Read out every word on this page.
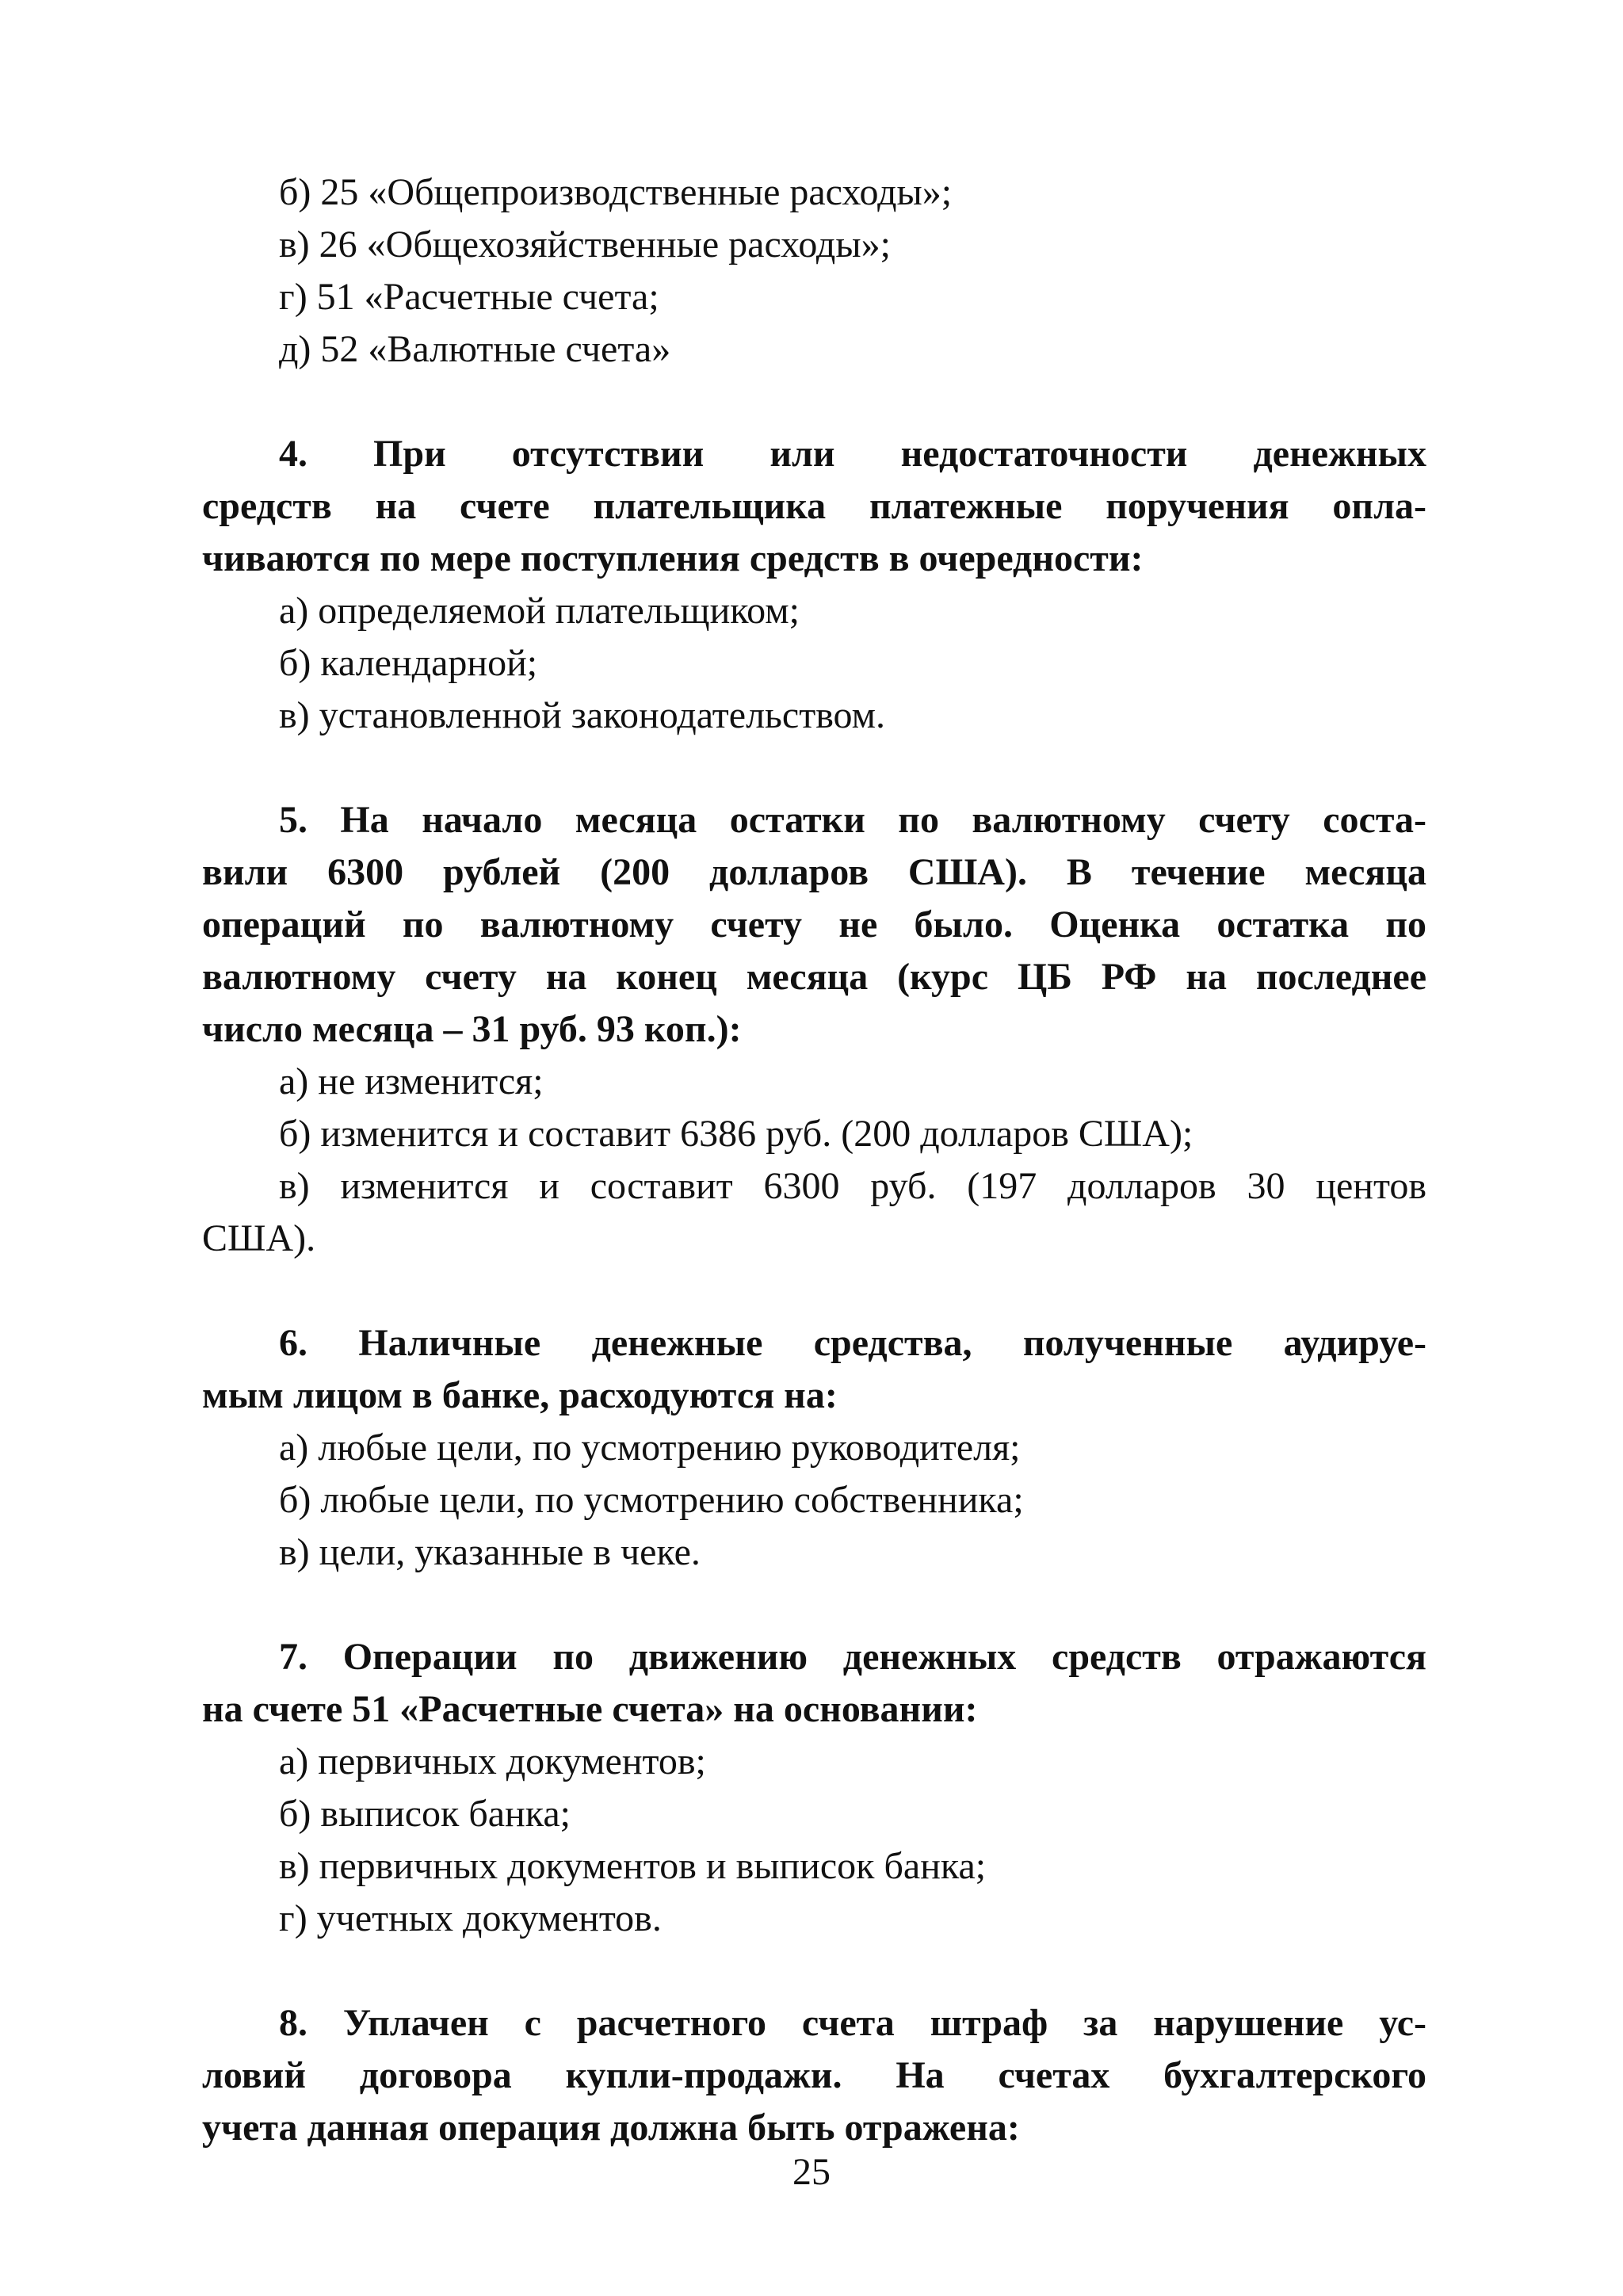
б) 25 «Общепроизводственные расходы»;

в) 26 «Общехозяйственные расходы»;

г) 51 «Расчетные счета;

д) 52 «Валютные счета»

4. При отсутствии или недостаточности денежных

средств на счете плательщика платежные поручения опла-

чиваются по мере поступления средств в очередности:

а) определяемой плательщиком;

б) календарной;

в) установленной законодательством.

5. На начало месяца остатки по валютному счету соста-

вили 6300 рублей (200 долларов США). В течение месяца

операций по валютному счету не было. Оценка остатка по

валютному счету на конец месяца (курс ЦБ РФ на последнее

число месяца – 31 руб. 93 коп.):

а) не изменится;

б) изменится и составит 6386 руб. (200 долларов США);

в) изменится и составит 6300 руб. (197 долларов 30 центов

США).

6. Наличные денежные средства, полученные аудируе-

мым лицом в банке, расходуются на:

а) любые цели, по усмотрению руководителя;

б) любые цели, по усмотрению собственника;

в) цели, указанные в чеке.

7. Операции по движению денежных средств отражаются

на счете 51 «Расчетные счета» на основании:

а) первичных документов;

б) выписок банка;

в) первичных документов и выписок банка;

г) учетных документов.

8. Уплачен с расчетного счета штраф за нарушение ус-

ловий договора купли-продажи. На счетах бухгалтерского

учета данная операция должна быть отражена:

25
